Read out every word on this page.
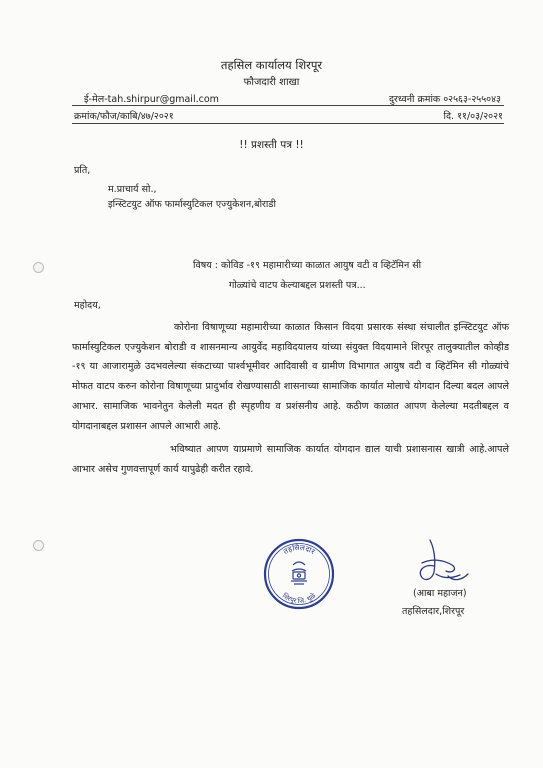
तहसिल कार्यालय शिरपूर
फौजदारी शाखा
ई-मेल-tah.shirpur@gmail.com	दुरध्वनी क्रमांक ०२५६३-२५५०४३
क्रमांक/फौज/काबि/४७/२०२१	दि. ११/०३/२०२१
!! प्रशस्ती पत्र !!
प्रति,
म.प्राचार्य सो.,
इन्स्टिटयुट ऑफ फार्मास्युटिकल एज्युकेशन,बोराडी
विषय : कोविड -१९ महामारीच्या काळात आयुष वटी व व्हिटॅमिन सी
गोळ्यांचे वाटप केल्याबद्दल प्रशस्ती पत्र...
महोदय,

कोरोना विषाणूच्या महामारीच्या काळात किसान विदया प्रसारक संस्था संचालीत इन्स्टिटयुट ऑफ फार्मास्युटिकल एज्युकेशन बोराडी व शासनमान्य आयुर्वेद महाविदयालय यांच्या संयुक्त विदयामाने शिरपूर तालुक्यातील कोव्हीड -१९ या आजारामुळे उदभवलेल्या संकटाच्या पार्श्वभूमीवर आदिवासी व ग्रामीण विभागात आयुष वटी व व्हिटॅमिन सी गोळ्यांचे मोफत वाटप करुन कोरोना विषाणूच्या प्रादुर्भाव रोखण्यासाठी शासनाच्या सामाजिक कार्यात मोलाचे योगदान दिल्या बदल आपले आभार. सामाजिक भावनेतुन केलेली मदत ही स्पृहणीय व प्रशंसनीय आहे. कठीण काळात आपण केलेल्या मदतीबद्दल व योगदानाबद्दल प्रशासन आपले आभारी आहे.

भविष्यात आपण याप्रमाणे सामाजिक कार्यात योगदान द्याल याची प्रशासनास खात्री आहे.आपले आभार असेच गुणवत्तापूर्ण कार्य यापुढेही करीत रहावे.

तहसिलदार
शिरपूर जि. धुळे	(आबा महाजन)
तहसिलदार,शिरपूर
